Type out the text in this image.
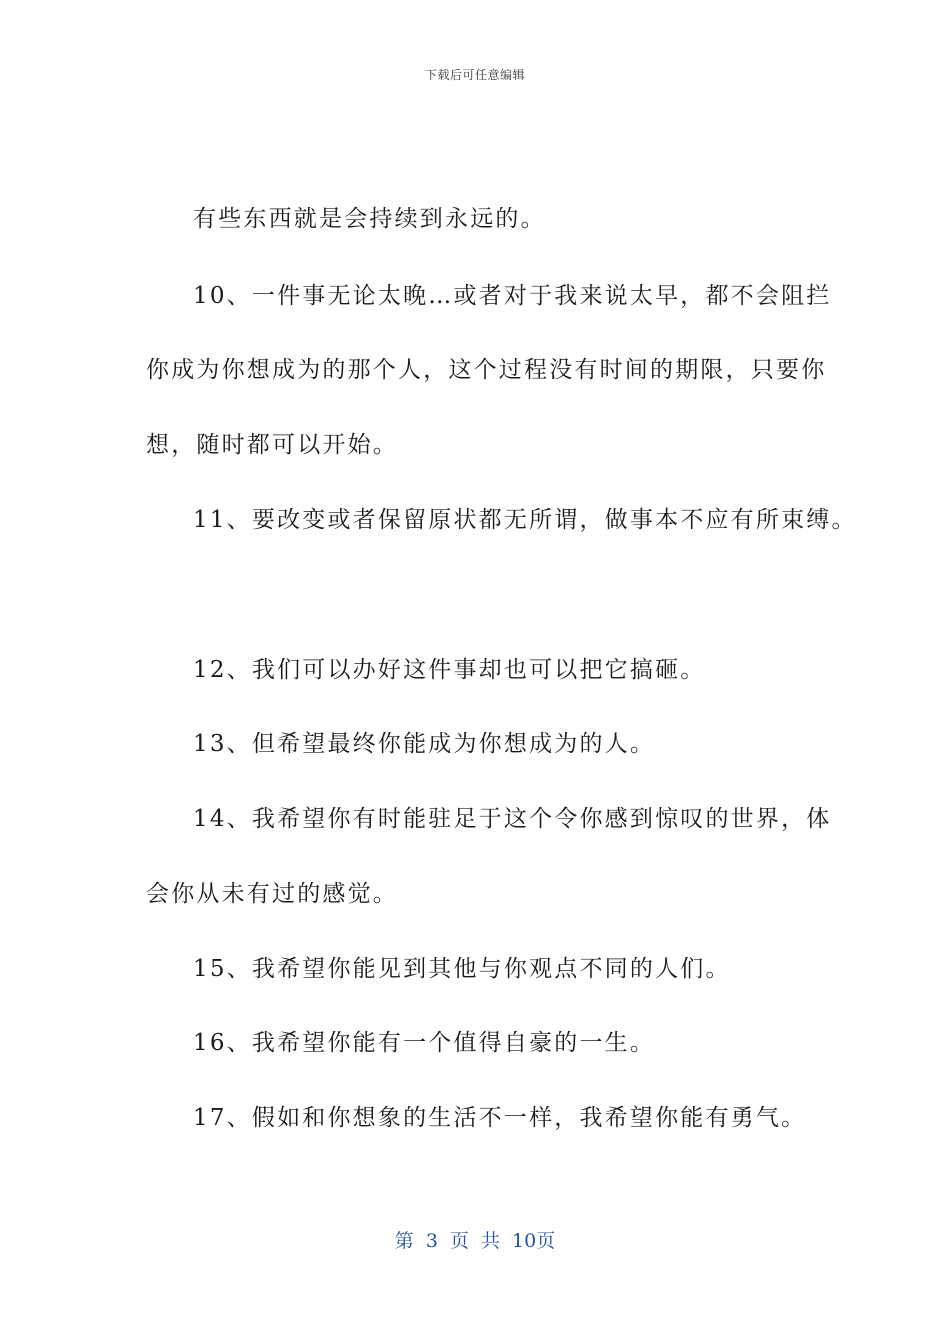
下载后可任意编辑
有些东西就是会持续到永远的。
10、一件事无论太晚…或者对于我来说太早，都不会阻拦
你成为你想成为的那个人，这个过程没有时间的期限，只要你
想，随时都可以开始。
11、要改变或者保留原状都无所谓，做事本不应有所束缚。
12、我们可以办好这件事却也可以把它搞砸。
13、但希望最终你能成为你想成为的人。
14、我希望你有时能驻足于这个令你感到惊叹的世界，体
会你从未有过的感觉。
15、我希望你能见到其他与你观点不同的人们。
16、我希望你能有一个值得自豪的一生。
17、假如和你想象的生活不一样，我希望你能有勇气。
第 3 页 共 10页
